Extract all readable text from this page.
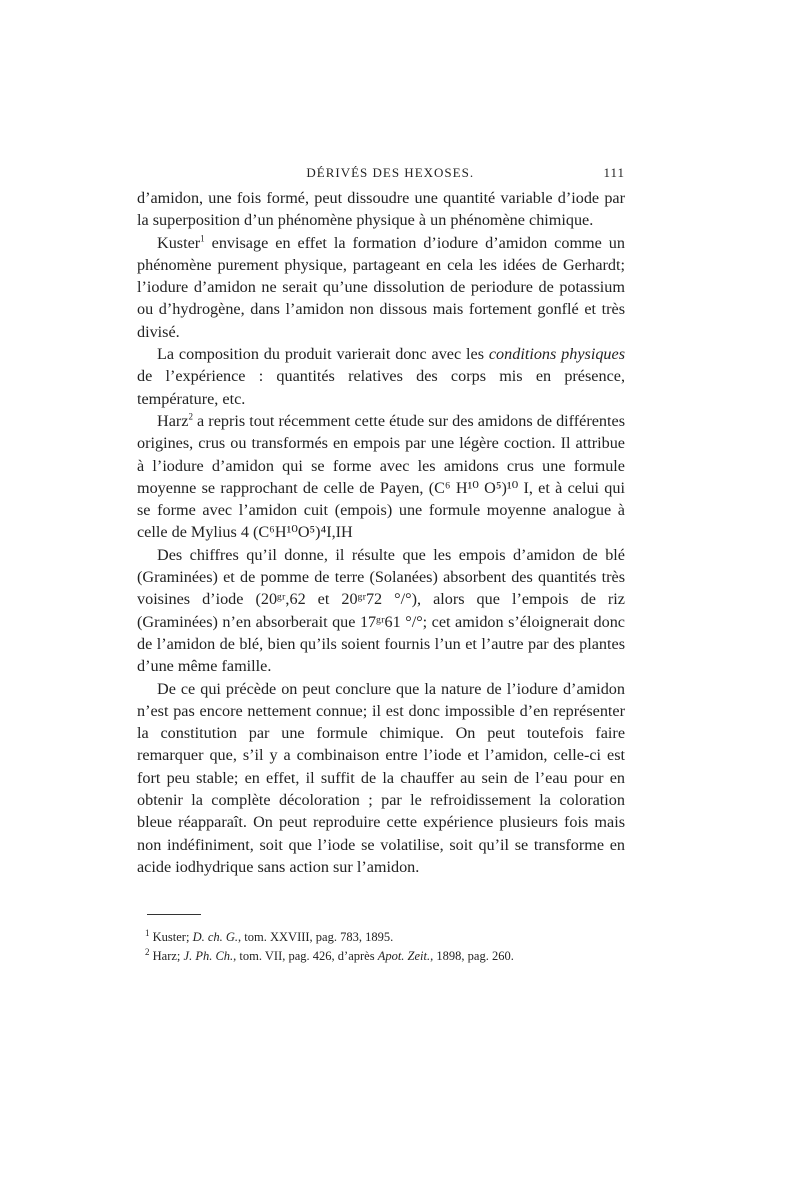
DÉRIVÉS DES HEXOSES.	111

d’amidon, une fois formé, peut dissoudre une quantité variable d’iode par la superposition d’un phénomène physique à un phénomène chimique.

Kuster$^1$ envisage en effet la formation d’iodure d’amidon comme un phénomène purement physique, partageant en cela les idées de Gerhardt; l’iodure d’amidon ne serait qu’une dissolution de periodure de potassium ou d’hydrogène, dans l’amidon non dissous mais fortement gonflé et très divisé.

La composition du produit varierait donc avec les conditions physiques de l’expérience : quantités relatives des corps mis en présence, température, etc.

Harz$^2$ a repris tout récemment cette étude sur des amidons de différentes origines, crus ou transformés en empois par une légère coction. Il attribue à l’iodure d’amidon qui se forme avec les amidons crus une formule moyenne se rapprochant de celle de Payen, (C⁶ H¹⁰ O⁵)¹⁰ I, et à celui qui se forme avec l’amidon cuit (empois) une formule moyenne analogue à celle de Mylius 4 (C⁶H¹⁰O⁵)⁴I,IH

Des chiffres qu’il donne, il résulte que les empois d’amidon de blé (Graminées) et de pomme de terre (Solanées) absorbent des quantités très voisines d’iode (20ᵍʳ,62 et 20ᵍʳ72 °/°), alors que l’empois de riz (Graminées) n’en absorberait que 17ᵍʳ61 °/°; cet amidon s’éloignerait donc de l’amidon de blé, bien qu’ils soient fournis l’un et l’autre par des plantes d’une même famille.

De ce qui précède on peut conclure que la nature de l’iodure d’amidon n’est pas encore nettement connue; il est donc impossible d’en représenter la constitution par une formule chimique. On peut toutefois faire remarquer que, s’il y a combinaison entre l’iode et l’amidon, celle-ci est fort peu stable; en effet, il suffit de la chauffer au sein de l’eau pour en obtenir la complète décoloration ; par le refroidissement la coloration bleue réapparaît. On peut reproduire cette expérience plusieurs fois mais non indéfiniment, soit que l’iode se volatilise, soit qu’il se transforme en acide iodhydrique sans action sur l’amidon.

$^1$ Kuster; D. ch. G., tom. XXVIII, pag. 783, 1895.
$^2$ Harz; J. Ph. Ch., tom. VII, pag. 426, d’après Apot. Zeit., 1898, pag. 260.
